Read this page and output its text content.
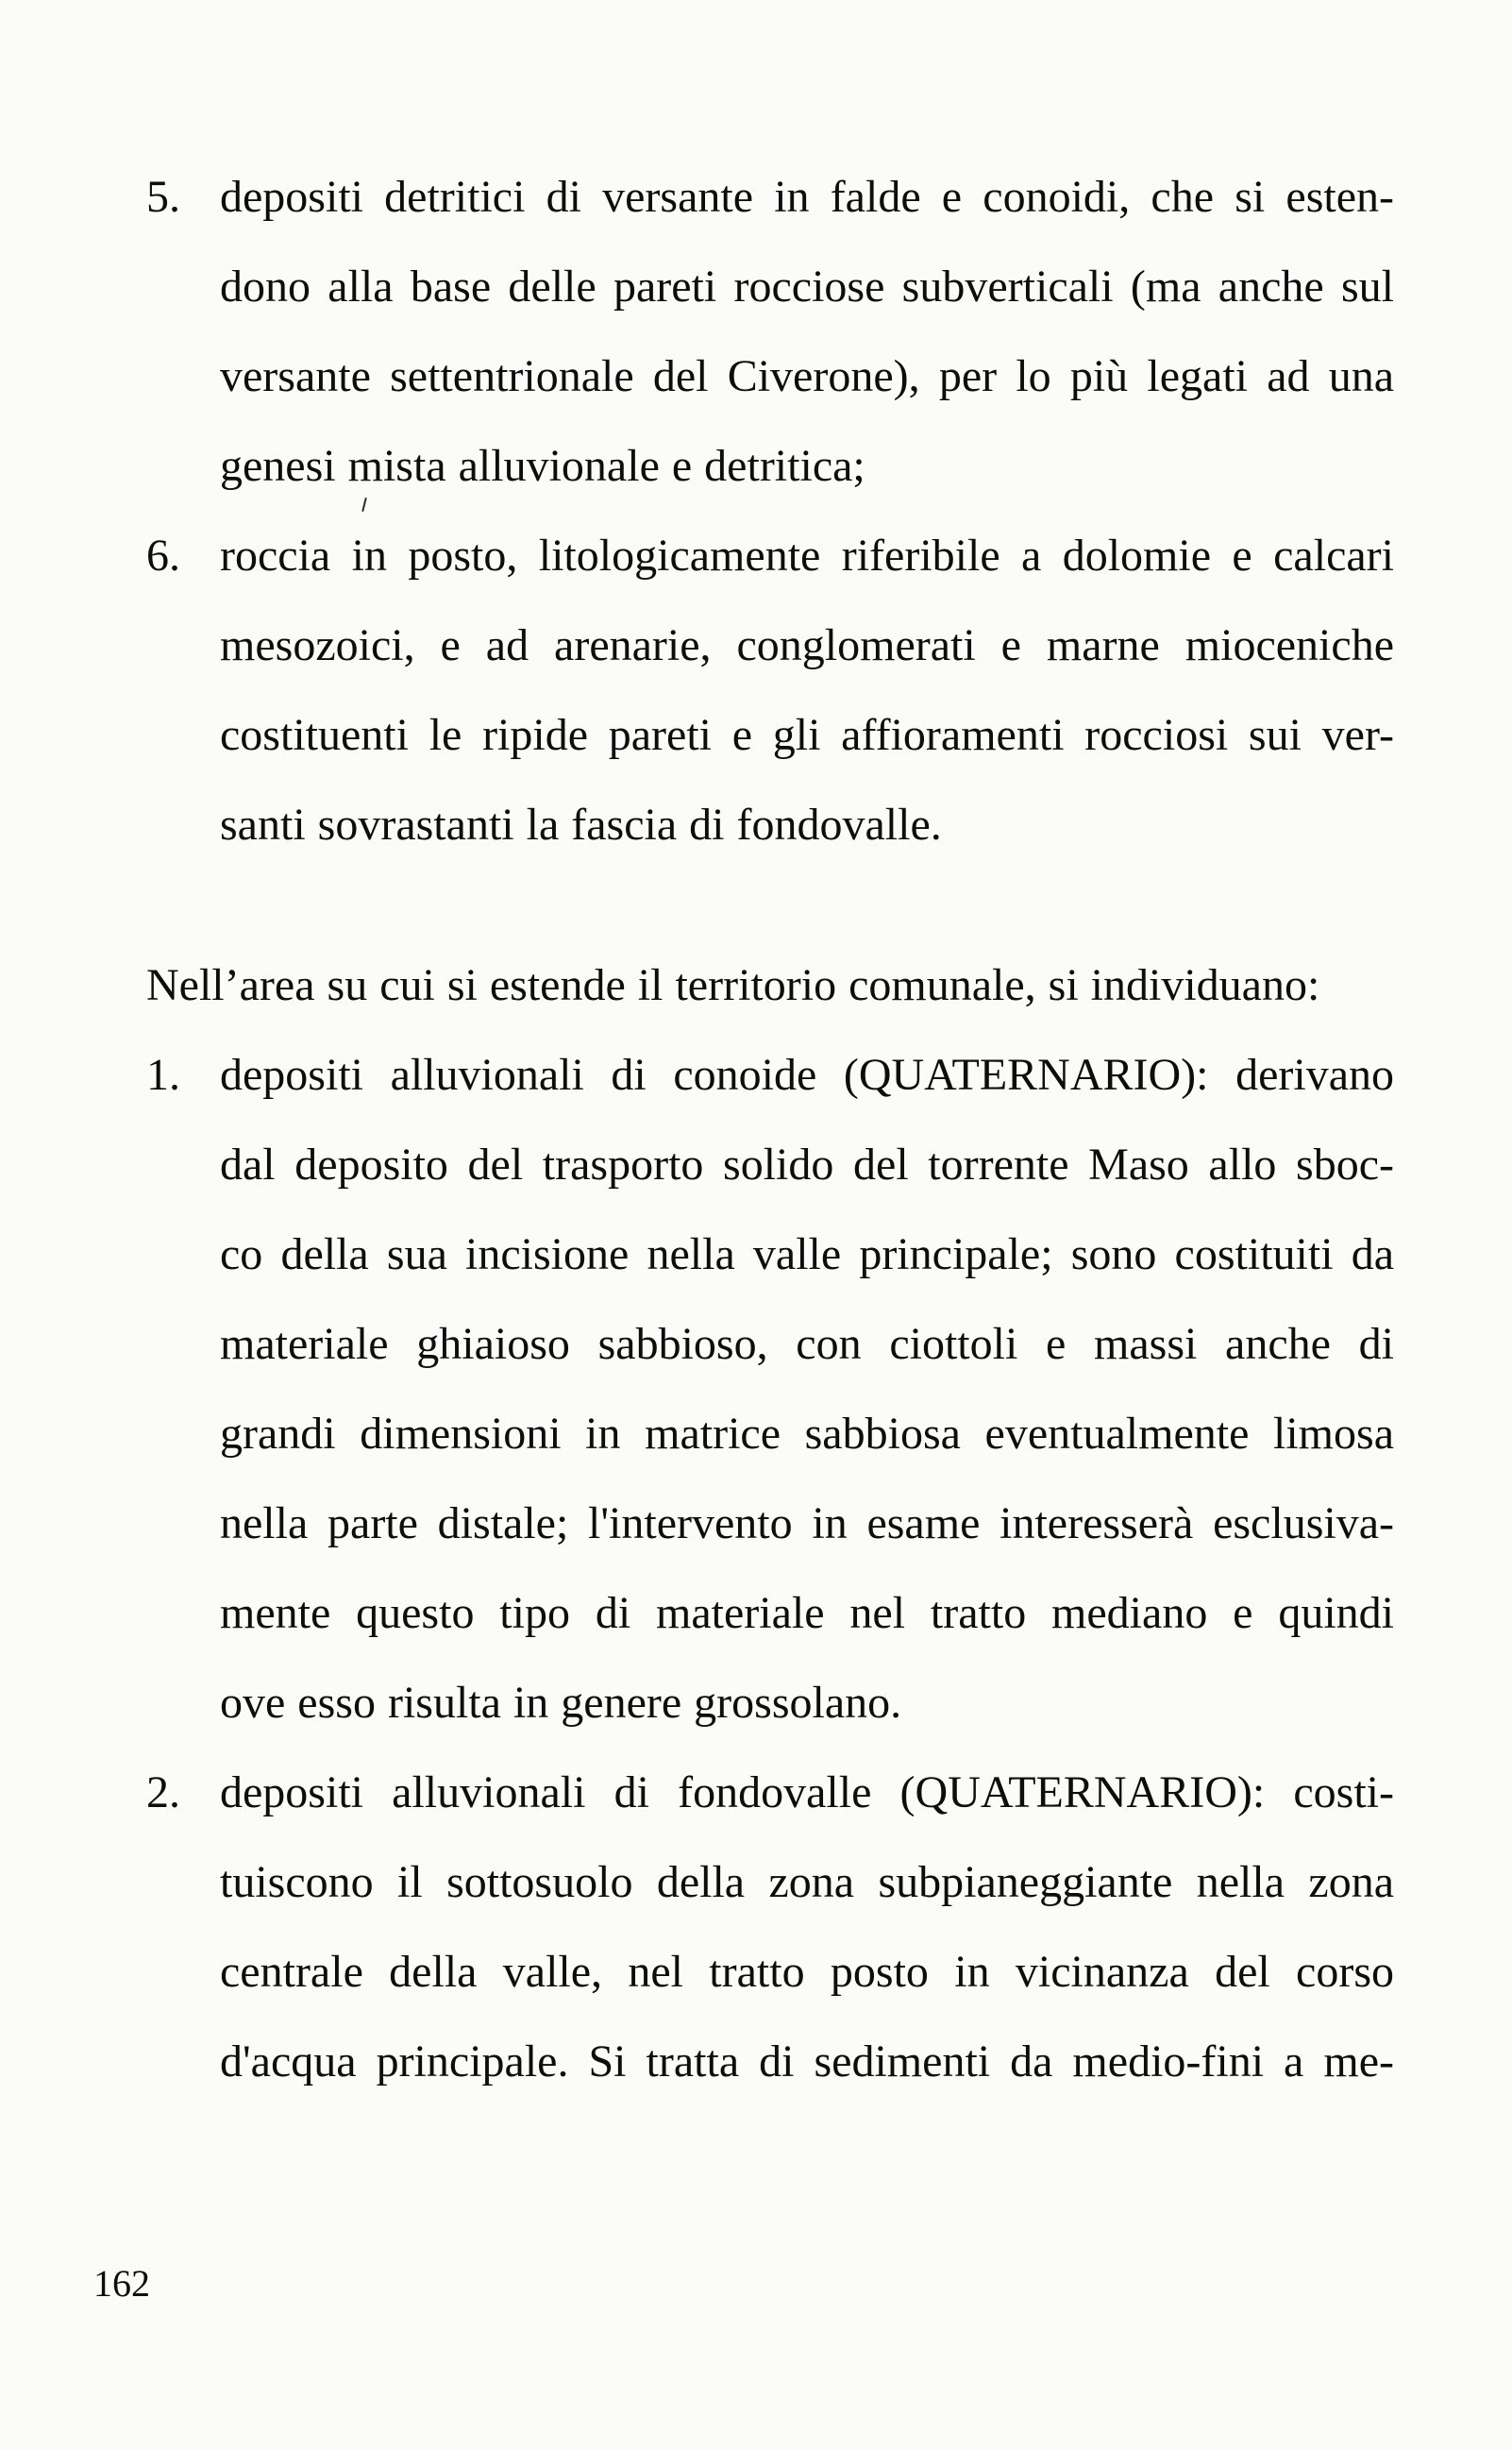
5. depositi detritici di versante in falde e conoidi, che si esten-
dono alla base delle pareti rocciose subverticali (ma anche sul
versante settentrionale del Civerone), per lo più legati ad una
genesi mista alluvionale e detritica;
6. roccia in posto, litologicamente riferibile a dolomie e calcari
mesozoici, e ad arenarie, conglomerati e marne mioceniche
costituenti le ripide pareti e gli affioramenti rocciosi sui ver-
santi sovrastanti la fascia di fondovalle.
Nell’area su cui si estende il territorio comunale, si individuano:
1. depositi alluvionali di conoide (QUATERNARIO): derivano
dal deposito del trasporto solido del torrente Maso allo sboc-
co della sua incisione nella valle principale; sono costituiti da
materiale ghiaioso sabbioso, con ciottoli e massi anche di
grandi dimensioni in matrice sabbiosa eventualmente limosa
nella parte distale; l'intervento in esame interesserà esclusiva-
mente questo tipo di materiale nel tratto mediano e quindi
ove esso risulta in genere grossolano.
2. depositi alluvionali di fondovalle (QUATERNARIO): costi-
tuiscono il sottosuolo della zona subpianeggiante nella zona
centrale della valle, nel tratto posto in vicinanza del corso
d'acqua principale. Si tratta di sedimenti da medio-fini a me-
162
